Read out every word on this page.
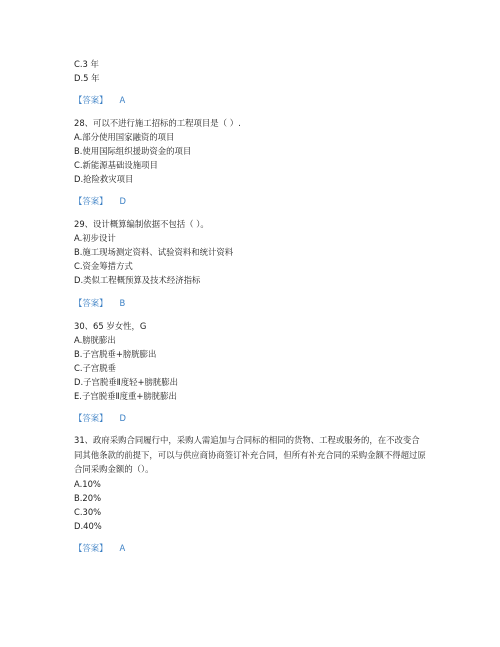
C.3 年
D.5 年
【答案】 A
28、可以不进行施工招标的工程项目是（ ）.
A.部分使用国家融资的项目
B.使用国际组织援助资金的项目
C.新能源基础设施项目
D.抢险救灾项目
【答案】 D
29、设计概算编制依据不包括（ ）。
A.初步设计
B.施工现场测定资料、试验资料和统计资料
C.资金筹措方式
D.类似工程概预算及技术经济指标
【答案】 B
30、65 岁女性，G
A.膀胱膨出
B.子宫脱垂+膀胱膨出
C.子宫脱垂
D.子宫脱垂Ⅱ度轻+膀胱膨出
E.子宫脱垂Ⅱ度重+膀胱膨出
【答案】 D
31、政府采购合同履行中，采购人需追加与合同标的相同的货物、工程或服务的，在不改变合同其他条款的前提下，可以与供应商协商签订补充合同，但所有补充合同的采购金额不得超过原合同采购金额的（）。
A.10%
B.20%
C.30%
D.40%
【答案】 A
